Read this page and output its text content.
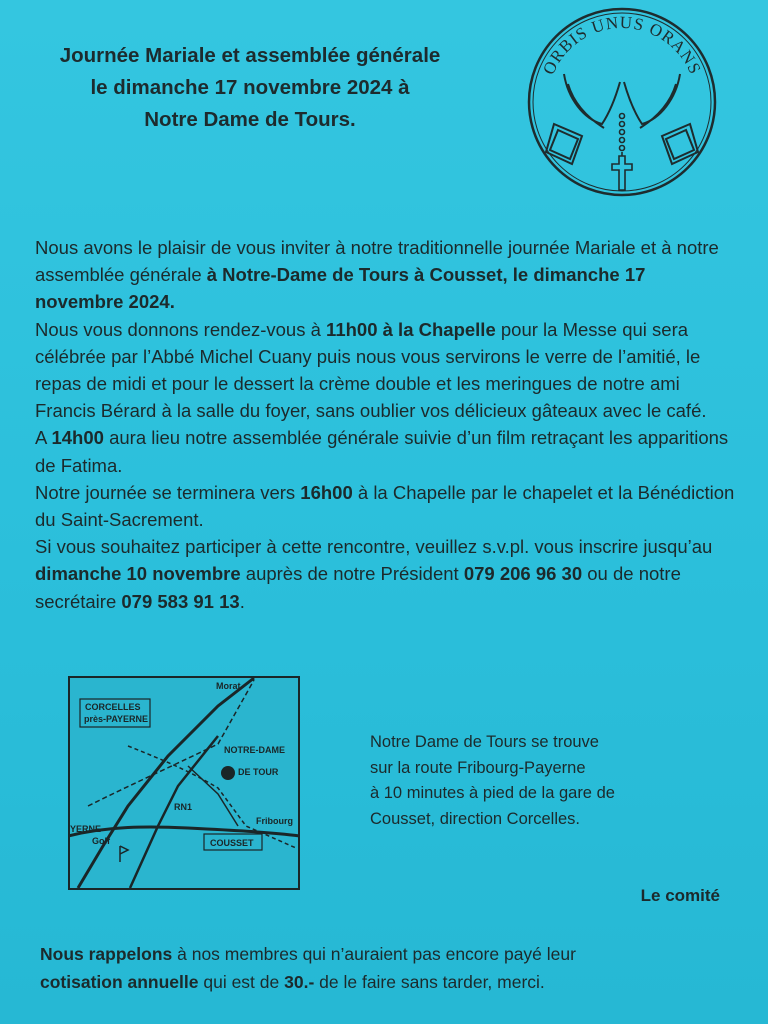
Journée Mariale et assemblée générale
le dimanche 17 novembre 2024 à
Notre Dame de Tours.
ORBIS UNUS ORANS

Nous avons le plaisir de vous inviter à notre traditionnelle journée Mariale et à notre assemblée générale à Notre-Dame de Tours à Cousset, le dimanche 17 novembre 2024.

Nous vous donnons rendez-vous à 11h00 à la Chapelle pour la Messe qui sera célébrée par l’Abbé Michel Cuany puis nous vous servirons le verre de l’amitié, le repas de midi et pour le dessert la crème double et les meringues de notre ami Francis Bérard à la salle du foyer, sans oublier vos délicieux gâteaux avec le café.

A 14h00 aura lieu notre assemblée générale suivie d’un film retraçant les apparitions de Fatima.

Notre journée se terminera vers 16h00 à la Chapelle par le chapelet et la Bénédiction du Saint-Sacrement.

Si vous souhaitez participer à cette rencontre, veuillez s.v.pl. vous inscrire jusqu’au dimanche 10 novembre auprès de notre Président 079 206 96 30 ou de notre secrétaire 079 583 91 13.

Morat
CORCELLES
près-PAYERNE
NOTRE-DAME
DE TOUR
RN1
YERNE
Golf
Fribourg
COUSSET
Notre Dame de Tours se trouve
sur la route Fribourg-Payerne
à 10 minutes à pied de la gare de
Cousset, direction Corcelles.
Le comité
Nous rappelons à nos membres qui n’auraient pas encore payé leur
cotisation annuelle qui est de 30.- de le faire sans tarder, merci.
